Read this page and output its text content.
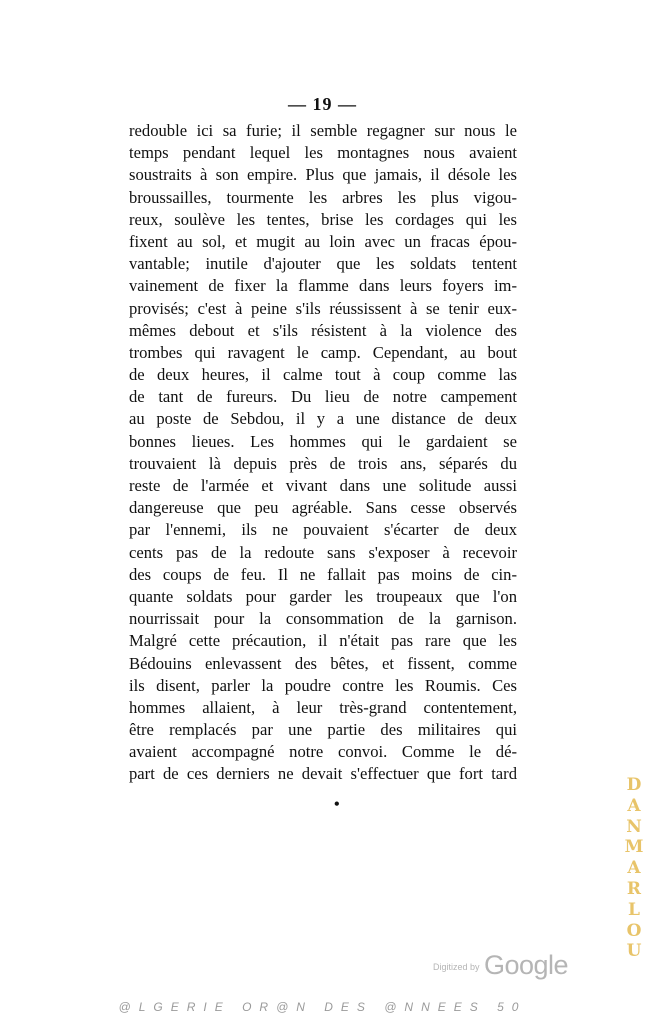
— 19 —
redouble ici sa furie; il semble regagner sur nous le
temps pendant lequel les montagnes nous avaient
soustraits à son empire. Plus que jamais, il désole les
broussailles, tourmente les arbres les plus vigou-
reux, soulève les tentes, brise les cordages qui les
fixent au sol, et mugit au loin avec un fracas épou-
vantable; inutile d'ajouter que les soldats tentent
vainement de fixer la flamme dans leurs foyers im-
provisés; c'est à peine s'ils réussissent à se tenir eux-
mêmes debout et s'ils résistent à la violence des
trombes qui ravagent le camp. Cependant, au bout
de deux heures, il calme tout à coup comme las
de tant de fureurs. Du lieu de notre campement
au poste de Sebdou, il y a une distance de deux
bonnes lieues. Les hommes qui le gardaient se
trouvaient là depuis près de trois ans, séparés du
reste de l'armée et vivant dans une solitude aussi
dangereuse que peu agréable. Sans cesse observés
par l'ennemi, ils ne pouvaient s'écarter de deux
cents pas de la redoute sans s'exposer à recevoir
des coups de feu. Il ne fallait pas moins de cin-
quante soldats pour garder les troupeaux que l'on
nourrissait pour la consommation de la garnison.
Malgré cette précaution, il n'était pas rare que les
Bédouins enlevassent des bêtes, et fissent, comme
ils disent, parler la poudre contre les Roumis. Ces
hommes allaient, à leur très-grand contentement,
être remplacés par une partie des militaires qui
avaient accompagné notre convoi. Comme le dé-
part de ces derniers ne devait s'effectuer que fort tard
•
$^{Digitized by}$ Google
D
A
N
M
A
R
L
O
U
@LGERIE OR@N DES @NNEES 50
